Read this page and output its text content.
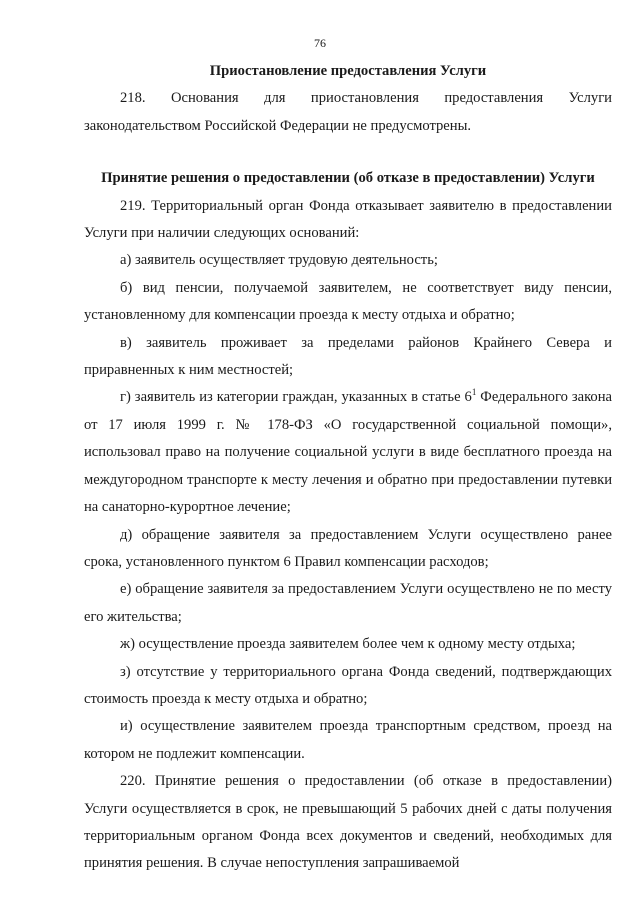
76

Приостановление предоставления Услуги

218. Основания для приостановления предоставления Услуги законодательством Российской Федерации не предусмотрены.

Принятие решения о предоставлении (об отказе в предоставлении) Услуги

219. Территориальный орган Фонда отказывает заявителю в предоставлении Услуги при наличии следующих оснований:

а) заявитель осуществляет трудовую деятельность;

б) вид пенсии, получаемой заявителем, не соответствует виду пенсии, установленному для компенсации проезда к месту отдыха и обратно;

в) заявитель проживает за пределами районов Крайнего Севера и приравненных к ним местностей;

г) заявитель из категории граждан, указанных в статье $6^1$ Федерального закона от 17 июля 1999 г. № 178-ФЗ «О государственной социальной помощи», использовал право на получение социальной услуги в виде бесплатного проезда на междугородном транспорте к месту лечения и обратно при предоставлении путевки на санаторно-курортное лечение;

д) обращение заявителя за предоставлением Услуги осуществлено ранее срока, установленного пунктом 6 Правил компенсации расходов;

е) обращение заявителя за предоставлением Услуги осуществлено не по месту его жительства;

ж) осуществление проезда заявителем более чем к одному месту отдыха;

з) отсутствие у территориального органа Фонда сведений, подтверждающих стоимость проезда к месту отдыха и обратно;

и) осуществление заявителем проезда транспортным средством, проезд на котором не подлежит компенсации.

220. Принятие решения о предоставлении (об отказе в предоставлении) Услуги осуществляется в срок, не превышающий 5 рабочих дней с даты получения территориальным органом Фонда всех документов и сведений, необходимых для принятия решения. В случае непоступления запрашиваемой
